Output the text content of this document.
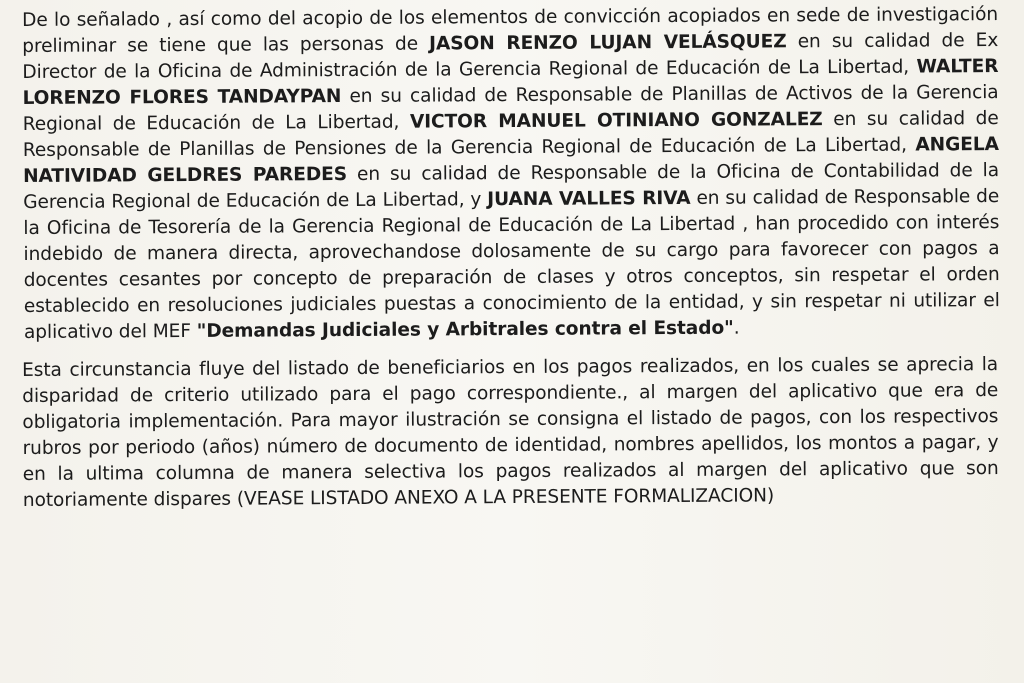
De lo señalado , así como del acopio de los elementos de convicción acopiados en sede de investigación preliminar se tiene que las personas de JASON RENZO LUJAN VELÁSQUEZ en su calidad de Ex Director de la Oficina de Administración de la Gerencia Regional de Educación de La Libertad, WALTER LORENZO FLORES TANDAYPAN en su calidad de Responsable de Planillas de Activos de la Gerencia Regional de Educación de La Libertad, VICTOR MANUEL OTINIANO GONZALEZ en su calidad de Responsable de Planillas de Pensiones de la Gerencia Regional de Educación de La Libertad, ANGELA NATIVIDAD GELDRES PAREDES en su calidad de Responsable de la Oficina de Contabilidad de la Gerencia Regional de Educación de La Libertad, y JUANA VALLES RIVA en su calidad de Responsable de la Oficina de Tesorería de la Gerencia Regional de Educación de La Libertad , han procedido con interés indebido de manera directa, aprovechandose dolosamente de su cargo para favorecer con pagos a docentes cesantes por concepto de preparación de clases y otros conceptos, sin respetar el orden establecido en resoluciones judiciales puestas a conocimiento de la entidad, y sin respetar ni utilizar el aplicativo del MEF "Demandas Judiciales y Arbitrales contra el Estado".

Esta circunstancia fluye del listado de beneficiarios en los pagos realizados, en los cuales se aprecia la disparidad de criterio utilizado para el pago correspondiente., al margen del aplicativo que era de obligatoria implementación. Para mayor ilustración se consigna el listado de pagos, con los respectivos rubros por periodo (años) número de documento de identidad, nombres apellidos, los montos a pagar, y en la ultima columna de manera selectiva los pagos realizados al margen del aplicativo que son notoriamente dispares (VEASE LISTADO ANEXO A LA PRESENTE FORMALIZACION)
